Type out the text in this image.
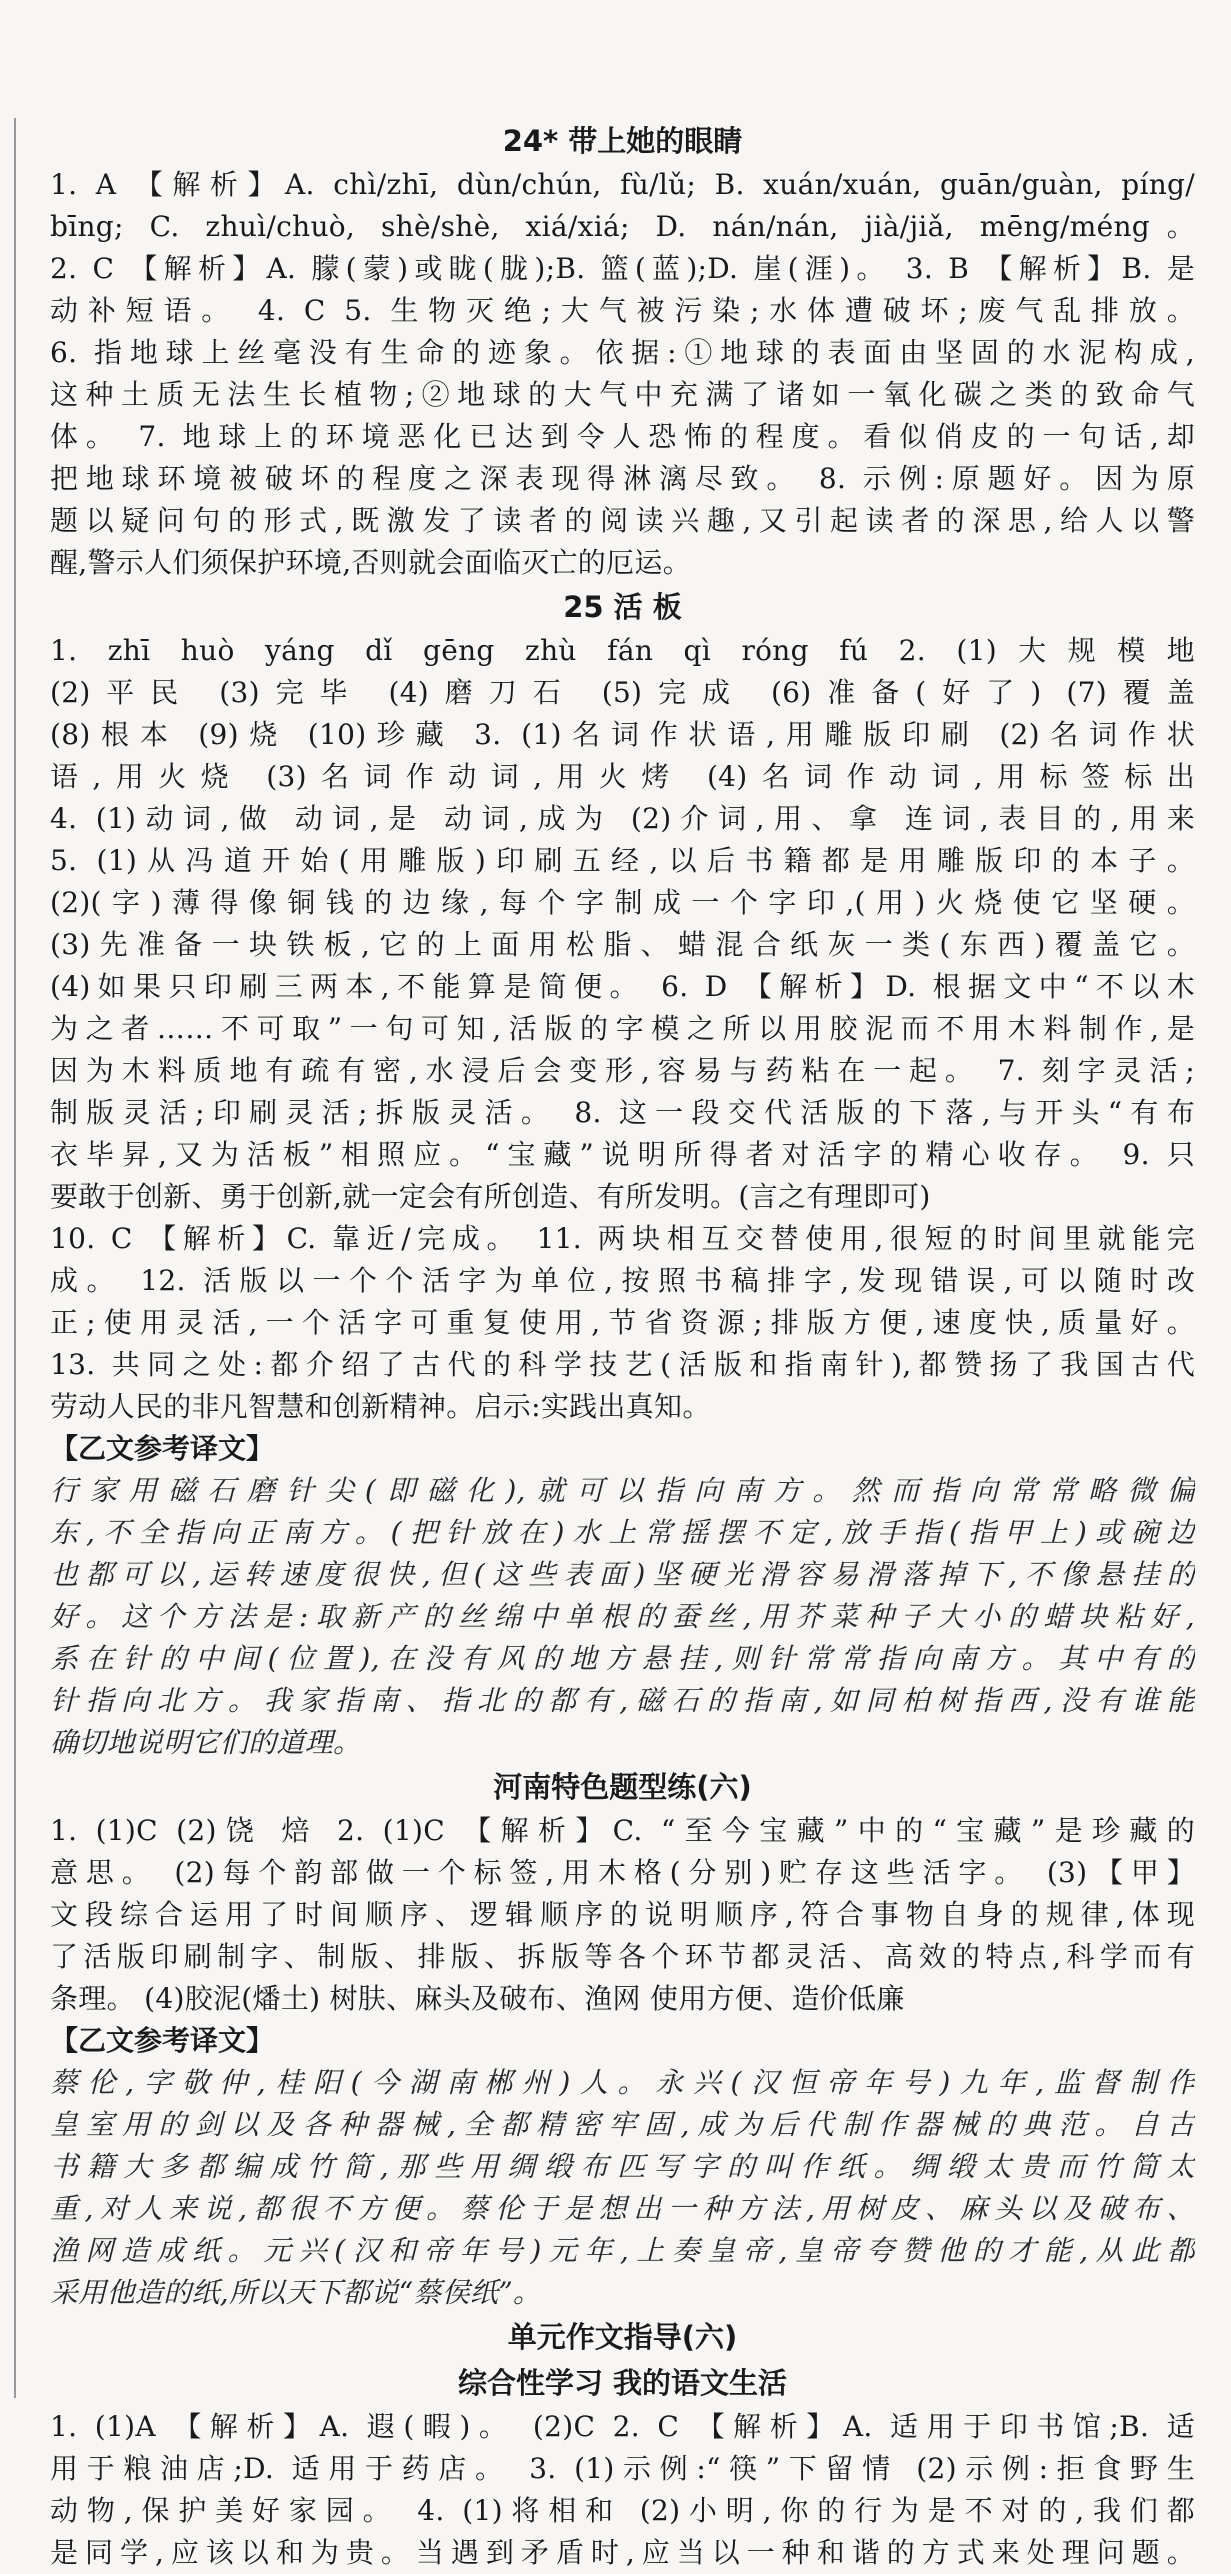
24* 带上她的眼睛
1. A 【解析】A. chì/zhī, dùn/chún, fù/lǔ; B. xuán/xuán, guān/guàn, píng/
bīng; C. zhuì/chuò, shè/shè, xiá/xiá; D. nán/nán, jià/jiǎ, mēng/méng。
2. C 【解析】A. 朦(蒙)或眬(胧);B. 篮(蓝);D. 崖(涯)。 3. B 【解析】B. 是
动补短语。 4. C 5. 生物灭绝;大气被污染;水体遭破坏;废气乱排放。
6. 指地球上丝毫没有生命的迹象。依据:①地球的表面由坚固的水泥构成,
这种土质无法生长植物;②地球的大气中充满了诸如一氧化碳之类的致命气
体。 7. 地球上的环境恶化已达到令人恐怖的程度。看似俏皮的一句话,却
把地球环境被破坏的程度之深表现得淋漓尽致。 8. 示例:原题好。因为原
题以疑问句的形式,既激发了读者的阅读兴趣,又引起读者的深思,给人以警
醒,警示人们须保护环境,否则就会面临灭亡的厄运。
25 活 板
1. zhī huò yáng dǐ gēng zhù fán qì róng fú 2. (1)大规模地
(2)平民 (3)完毕 (4)磨刀石 (5)完成 (6)准备(好了) (7)覆盖
(8)根本 (9)烧 (10)珍藏 3. (1)名词作状语,用雕版印刷 (2)名词作状
语,用火烧 (3)名词作动词,用火烤 (4)名词作动词,用标签标出
4. (1)动词,做 动词,是 动词,成为 (2)介词,用、拿 连词,表目的,用来
5. (1)从冯道开始(用雕版)印刷五经,以后书籍都是用雕版印的本子。
(2)(字)薄得像铜钱的边缘,每个字制成一个字印,(用)火烧使它坚硬。
(3)先准备一块铁板,它的上面用松脂、蜡混合纸灰一类(东西)覆盖它。
(4)如果只印刷三两本,不能算是简便。 6. D 【解析】D. 根据文中“不以木
为之者……不可取”一句可知,活版的字模之所以用胶泥而不用木料制作,是
因为木料质地有疏有密,水浸后会变形,容易与药粘在一起。 7. 刻字灵活;
制版灵活;印刷灵活;拆版灵活。 8. 这一段交代活版的下落,与开头“有布
衣毕昇,又为活板”相照应。“宝藏”说明所得者对活字的精心收存。 9. 只
要敢于创新、勇于创新,就一定会有所创造、有所发明。(言之有理即可)
10. C 【解析】C. 靠近/完成。 11. 两块相互交替使用,很短的时间里就能完
成。 12. 活版以一个个活字为单位,按照书稿排字,发现错误,可以随时改
正;使用灵活,一个活字可重复使用,节省资源;排版方便,速度快,质量好。
13. 共同之处:都介绍了古代的科学技艺(活版和指南针),都赞扬了我国古代
劳动人民的非凡智慧和创新精神。启示:实践出真知。
【乙文参考译文】
行家用磁石磨针尖(即磁化),就可以指向南方。然而指向常常略微偏
东,不全指向正南方。(把针放在)水上常摇摆不定,放手指(指甲上)或碗边
也都可以,运转速度很快,但(这些表面)坚硬光滑容易滑落掉下,不像悬挂的
好。这个方法是:取新产的丝绵中单根的蚕丝,用芥菜种子大小的蜡块粘好,
系在针的中间(位置),在没有风的地方悬挂,则针常常指向南方。其中有的
针指向北方。我家指南、指北的都有,磁石的指南,如同柏树指西,没有谁能
确切地说明它们的道理。
河南特色题型练(六)
1. (1)C (2)饶 焙 2. (1)C 【解析】C. “至今宝藏”中的“宝藏”是珍藏的
意思。 (2)每个韵部做一个标签,用木格(分别)贮存这些活字。 (3)【甲】
文段综合运用了时间顺序、逻辑顺序的说明顺序,符合事物自身的规律,体现
了活版印刷制字、制版、排版、拆版等各个环节都灵活、高效的特点,科学而有
条理。 (4)胶泥(燔土) 树肤、麻头及破布、渔网 使用方便、造价低廉
【乙文参考译文】
蔡伦,字敬仲,桂阳(今湖南郴州)人。永兴(汉恒帝年号)九年,监督制作
皇室用的剑以及各种器械,全都精密牢固,成为后代制作器械的典范。自古
书籍大多都编成竹简,那些用绸缎布匹写字的叫作纸。绸缎太贵而竹简太
重,对人来说,都很不方便。蔡伦于是想出一种方法,用树皮、麻头以及破布、
渔网造成纸。元兴(汉和帝年号)元年,上奏皇帝,皇帝夸赞他的才能,从此都
采用他造的纸,所以天下都说“蔡侯纸”。
单元作文指导(六)
综合性学习 我的语文生活
1. (1)A 【解析】A. 遐(暇)。 (2)C 2. C 【解析】A. 适用于印书馆;B. 适
用于粮油店;D. 适用于药店。 3. (1)示例:“筷”下留情 (2)示例:拒食野生
动物,保护美好家园。 4. (1)将相和 (2)小明,你的行为是不对的,我们都
是同学,应该以和为贵。当遇到矛盾时,应当以一种和谐的方式来处理问题。
